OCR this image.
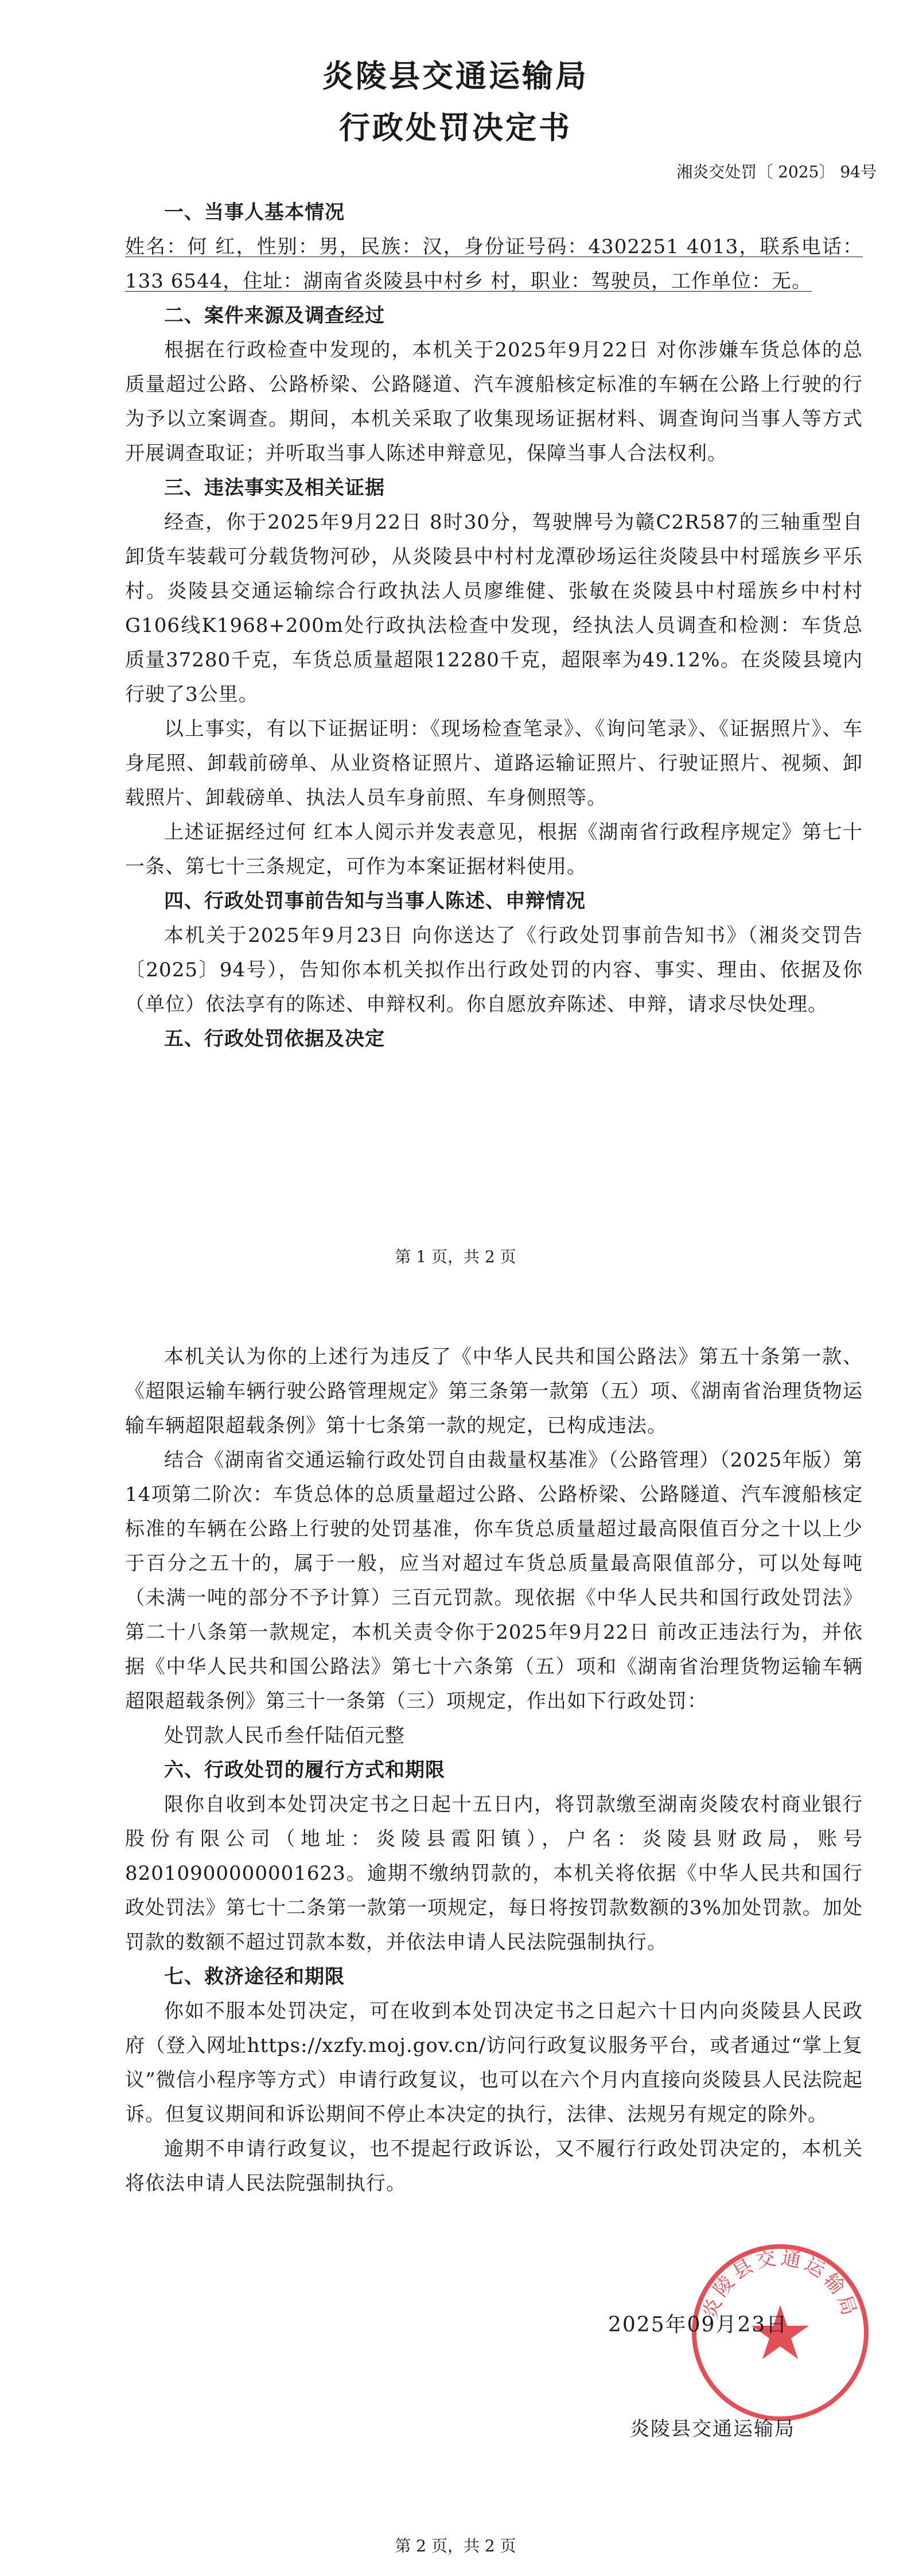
炎陵县交通运输局
行政处罚决定书
湘炎交处罚〔 2025〕 94号

一、当事人基本情况

姓名：何 红，性别：男，民族：汉，身份证号码：4302251 4013，联系电话：133 6544，住址：湖南省炎陵县中村乡 村，职业：驾驶员，工作单位：无。

二、案件来源及调查经过

根据在行政检查中发现的，本机关于2025年9月22日 对你涉嫌车货总体的总质量超过公路、公路桥梁、公路隧道、汽车渡船核定标准的车辆在公路上行驶的行为予以立案调查。期间，本机关采取了收集现场证据材料、调查询问当事人等方式开展调查取证；并听取当事人陈述申辩意见，保障当事人合法权利。

三、违法事实及相关证据

经查，你于2025年9月22日 8时30分，驾驶牌号为赣C2R587的三轴重型自卸货车装载可分载货物河砂，从炎陵县中村村龙潭砂场运往炎陵县中村瑶族乡平乐村。炎陵县交通运输综合行政执法人员廖维健、张敏在炎陵县中村瑶族乡中村村G106线K1968+200m处行政执法检查中发现，经执法人员调查和检测：车货总质量37280千克，车货总质量超限12280千克，超限率为49.12%。在炎陵县境内行驶了3公里。

以上事实，有以下证据证明：《现场检查笔录》、《询问笔录》、《证据照片》、车身尾照、卸载前磅单、从业资格证照片、道路运输证照片、行驶证照片、视频、卸载照片、卸载磅单、执法人员车身前照、车身侧照等。

上述证据经过何 红本人阅示并发表意见，根据《湖南省行政程序规定》第七十一条、第七十三条规定，可作为本案证据材料使用。

四、行政处罚事前告知与当事人陈述、申辩情况

本机关于2025年9月23日 向你送达了《行政处罚事前告知书》（湘炎交罚告〔2025〕94号），告知你本机关拟作出行政处罚的内容、事实、理由、依据及你（单位）依法享有的陈述、申辩权利。你自愿放弃陈述、申辩，请求尽快处理。

五、行政处罚依据及决定

第 1 页，共 2 页

本机关认为你的上述行为违反了《中华人民共和国公路法》第五十条第一款、《超限运输车辆行驶公路管理规定》第三条第一款第（五）项、《湖南省治理货物运输车辆超限超载条例》第十七条第一款的规定，已构成违法。

结合《湖南省交通运输行政处罚自由裁量权基准》（公路管理）（2025年版）第14项第二阶次：车货总体的总质量超过公路、公路桥梁、公路隧道、汽车渡船核定标准的车辆在公路上行驶的处罚基准，你车货总质量超过最高限值百分之十以上少于百分之五十的，属于一般，应当对超过车货总质量最高限值部分，可以处每吨（未满一吨的部分不予计算）三百元罚款。现依据《中华人民共和国行政处罚法》第二十八条第一款规定，本机关责令你于2025年9月22日 前改正违法行为，并依据《中华人民共和国公路法》第七十六条第（五）项和《湖南省治理货物运输车辆超限超载条例》第三十一条第（三）项规定，作出如下行政处罚：

处罚款人民币叁仟陆佰元整

六、行政处罚的履行方式和期限

限你自收到本处罚决定书之日起十五日内，将罚款缴至湖南炎陵农村商业银行股份有限公司（地址：炎陵县霞阳镇），户名：炎陵县财政局，账号82010900000001623。逾期不缴纳罚款的，本机关将依据《中华人民共和国行政处罚法》第七十二条第一款第一项规定，每日将按罚款数额的3%加处罚款。加处罚款的数额不超过罚款本数，并依法申请人民法院强制执行。

七、救济途径和期限

你如不服本处罚决定，可在收到本处罚决定书之日起六十日内向炎陵县人民政府（登入网址https://xzfy.moj.gov.cn/访问行政复议服务平台，或者通过“掌上复议”微信小程序等方式）申请行政复议，也可以在六个月内直接向炎陵县人民法院起诉。但复议期间和诉讼期间不停止本决定的执行，法律、法规另有规定的除外。

逾期不申请行政复议，也不提起行政诉讼，又不履行行政处罚决定的，本机关将依法申请人民法院强制执行。

炎陵县交通运输局
2025年09月23日
炎陵县交通运输局
第 2 页，共 2 页
